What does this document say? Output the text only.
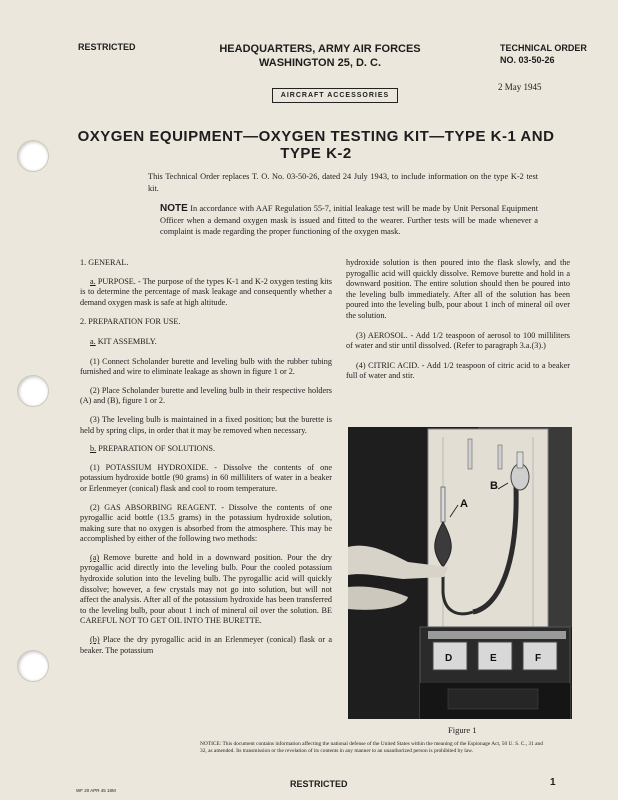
RESTRICTED	HEADQUARTERS, ARMY AIR FORCES
WASHINGTON 25, D. C.
TECHNICAL ORDER
NO. 03-50-26
AIRCRAFT ACCESSORIES
2 May 1945
OXYGEN EQUIPMENT—OXYGEN TESTING KIT—TYPE K-1 AND TYPE K-2
This Technical Order replaces T. O. No. 03-50-26, dated 24 July 1943, to include information on the type K-2 test kit.
NOTE In accordance with AAF Regulation 55-7, initial leakage test will be made by Unit Personal Equipment Officer when a demand oxygen mask is issued and fitted to the wearer. Further tests will be made whenever a complaint is made regarding the proper functioning of the oxygen mask.

1. GENERAL.

a. PURPOSE. - The purpose of the types K-1 and K-2 oxygen testing kits is to determine the percentage of mask leakage and consequently whether a demand oxygen mask is safe at high altitude.

2. PREPARATION FOR USE.

a. KIT ASSEMBLY.

(1) Connect Scholander burette and leveling bulb with the rubber tubing furnished and wire to eliminate leakage as shown in figure 1 or 2.

(2) Place Scholander burette and leveling bulb in their respective holders (A) and (B), figure 1 or 2.

(3) The leveling bulb is maintained in a fixed position; but the burette is held by spring clips, in order that it may be removed when necessary.

b. PREPARATION OF SOLUTIONS.

(1) POTASSIUM HYDROXIDE. - Dissolve the contents of one potassium hydroxide bottle (90 grams) in 60 milliliters of water in a beaker or Erlenmeyer (conical) flask and cool to room temperature.

(2) GAS ABSORBING REAGENT. - Dissolve the contents of one pyrogallic acid bottle (13.5 grams) in the potassium hydroxide solution, making sure that no oxygen is absorbed from the atmosphere. This may be accomplished by either of the following two methods:

(a) Remove burette and hold in a downward position. Pour the dry pyrogallic acid directly into the leveling bulb. Pour the cooled potassium hydroxide solution into the leveling bulb. The pyrogallic acid will quickly dissolve; however, a few crystals may not go into solution, but will not affect the analysis. After all of the potassium hydroxide has been transferred to the leveling bulb, pour about 1 inch of mineral oil over the solution. BE CAREFUL NOT TO GET OIL INTO THE BURETTE.

(b) Place the dry pyrogallic acid in an Erlenmeyer (conical) flask or a beaker. The potassium

hydroxide solution is then poured into the flask slowly, and the pyrogallic acid will quickly dissolve. Remove burette and hold in a downward position. The entire solution should then be poured into the leveling bulb immediately. After all of the solution has been poured into the leveling bulb, pour about 1 inch of mineral oil over the solution.

(3) AEROSOL. - Add 1/2 teaspoon of aerosol to 100 milliliters of water and stir until dissolved. (Refer to paragraph 3.a.(3).)

(4) CITRIC ACID. - Add 1/2 teaspoon of citric acid to a beaker full of water and stir.

A
B
D	E	F
Figure 1
NOTICE: This document contains information affecting the national defense of the United States within the meaning of the Espionage Act, 50 U. S. C., 31 and 32, as amended. Its transmission or the revelation of its contents in any manner to an unauthorized person is prohibited by law.
WF 20 APR 45 18M
RESTRICTED	1
